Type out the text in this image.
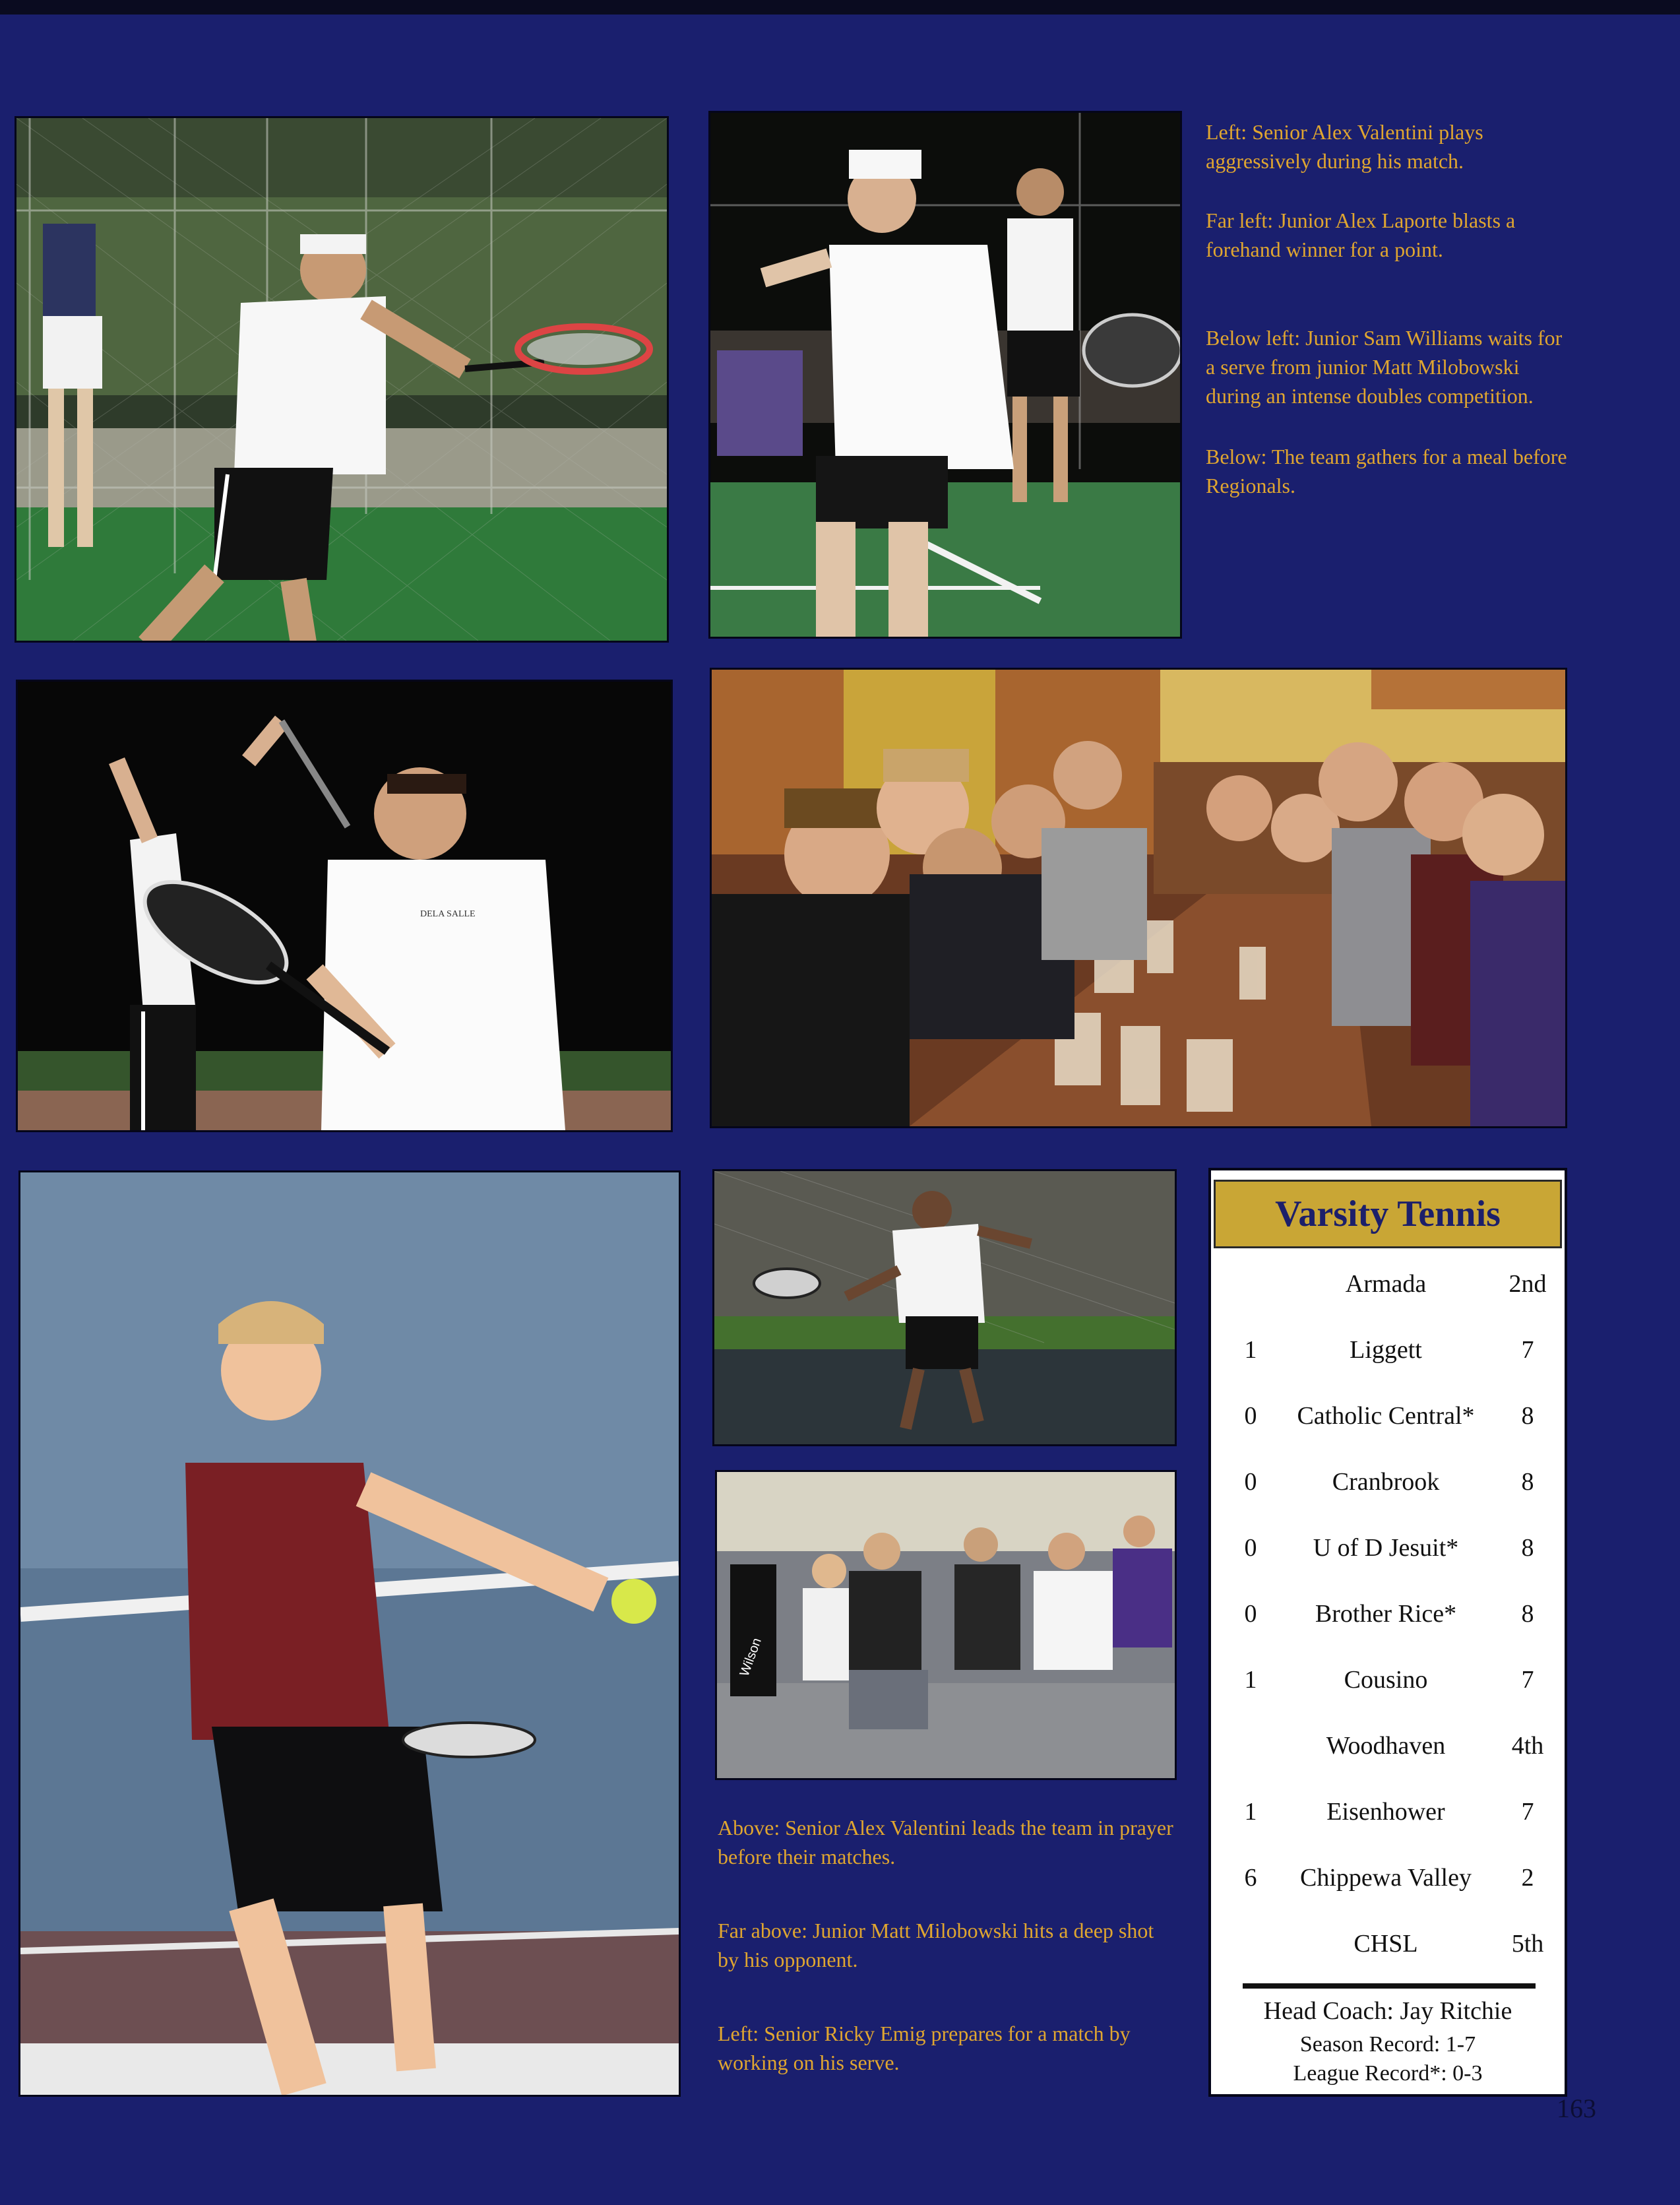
Left: Senior Alex Valentini plays aggressively during his match.

Far left: Junior Alex Laporte blasts a forehand winner for a point.

Below left: Junior Sam Williams waits for a serve from junior Matt Milobowski during an intense doubles competition.

Below: The team gathers for a meal before Regionals.

DELA SALLE
Wilson

Above: Senior Alex Valentini leads the team in prayer before their matches.

Far above: Junior Matt Milobowski hits a deep shot by his opponent.

Left: Senior Ricky Emig prepares for a match by working on his serve.

Varsity Tennis
Armada	2nd
1	Liggett	7
0	Catholic Central*	8
0	Cranbrook	8
0	U of D Jesuit*	8
0	Brother Rice*	8
1	Cousino	7
Woodhaven	4th
1	Eisenhower	7
6	Chippewa Valley	2
CHSL	5th
Head Coach: Jay Ritchie
Season Record: 1-7
League Record*: 0-3
163
